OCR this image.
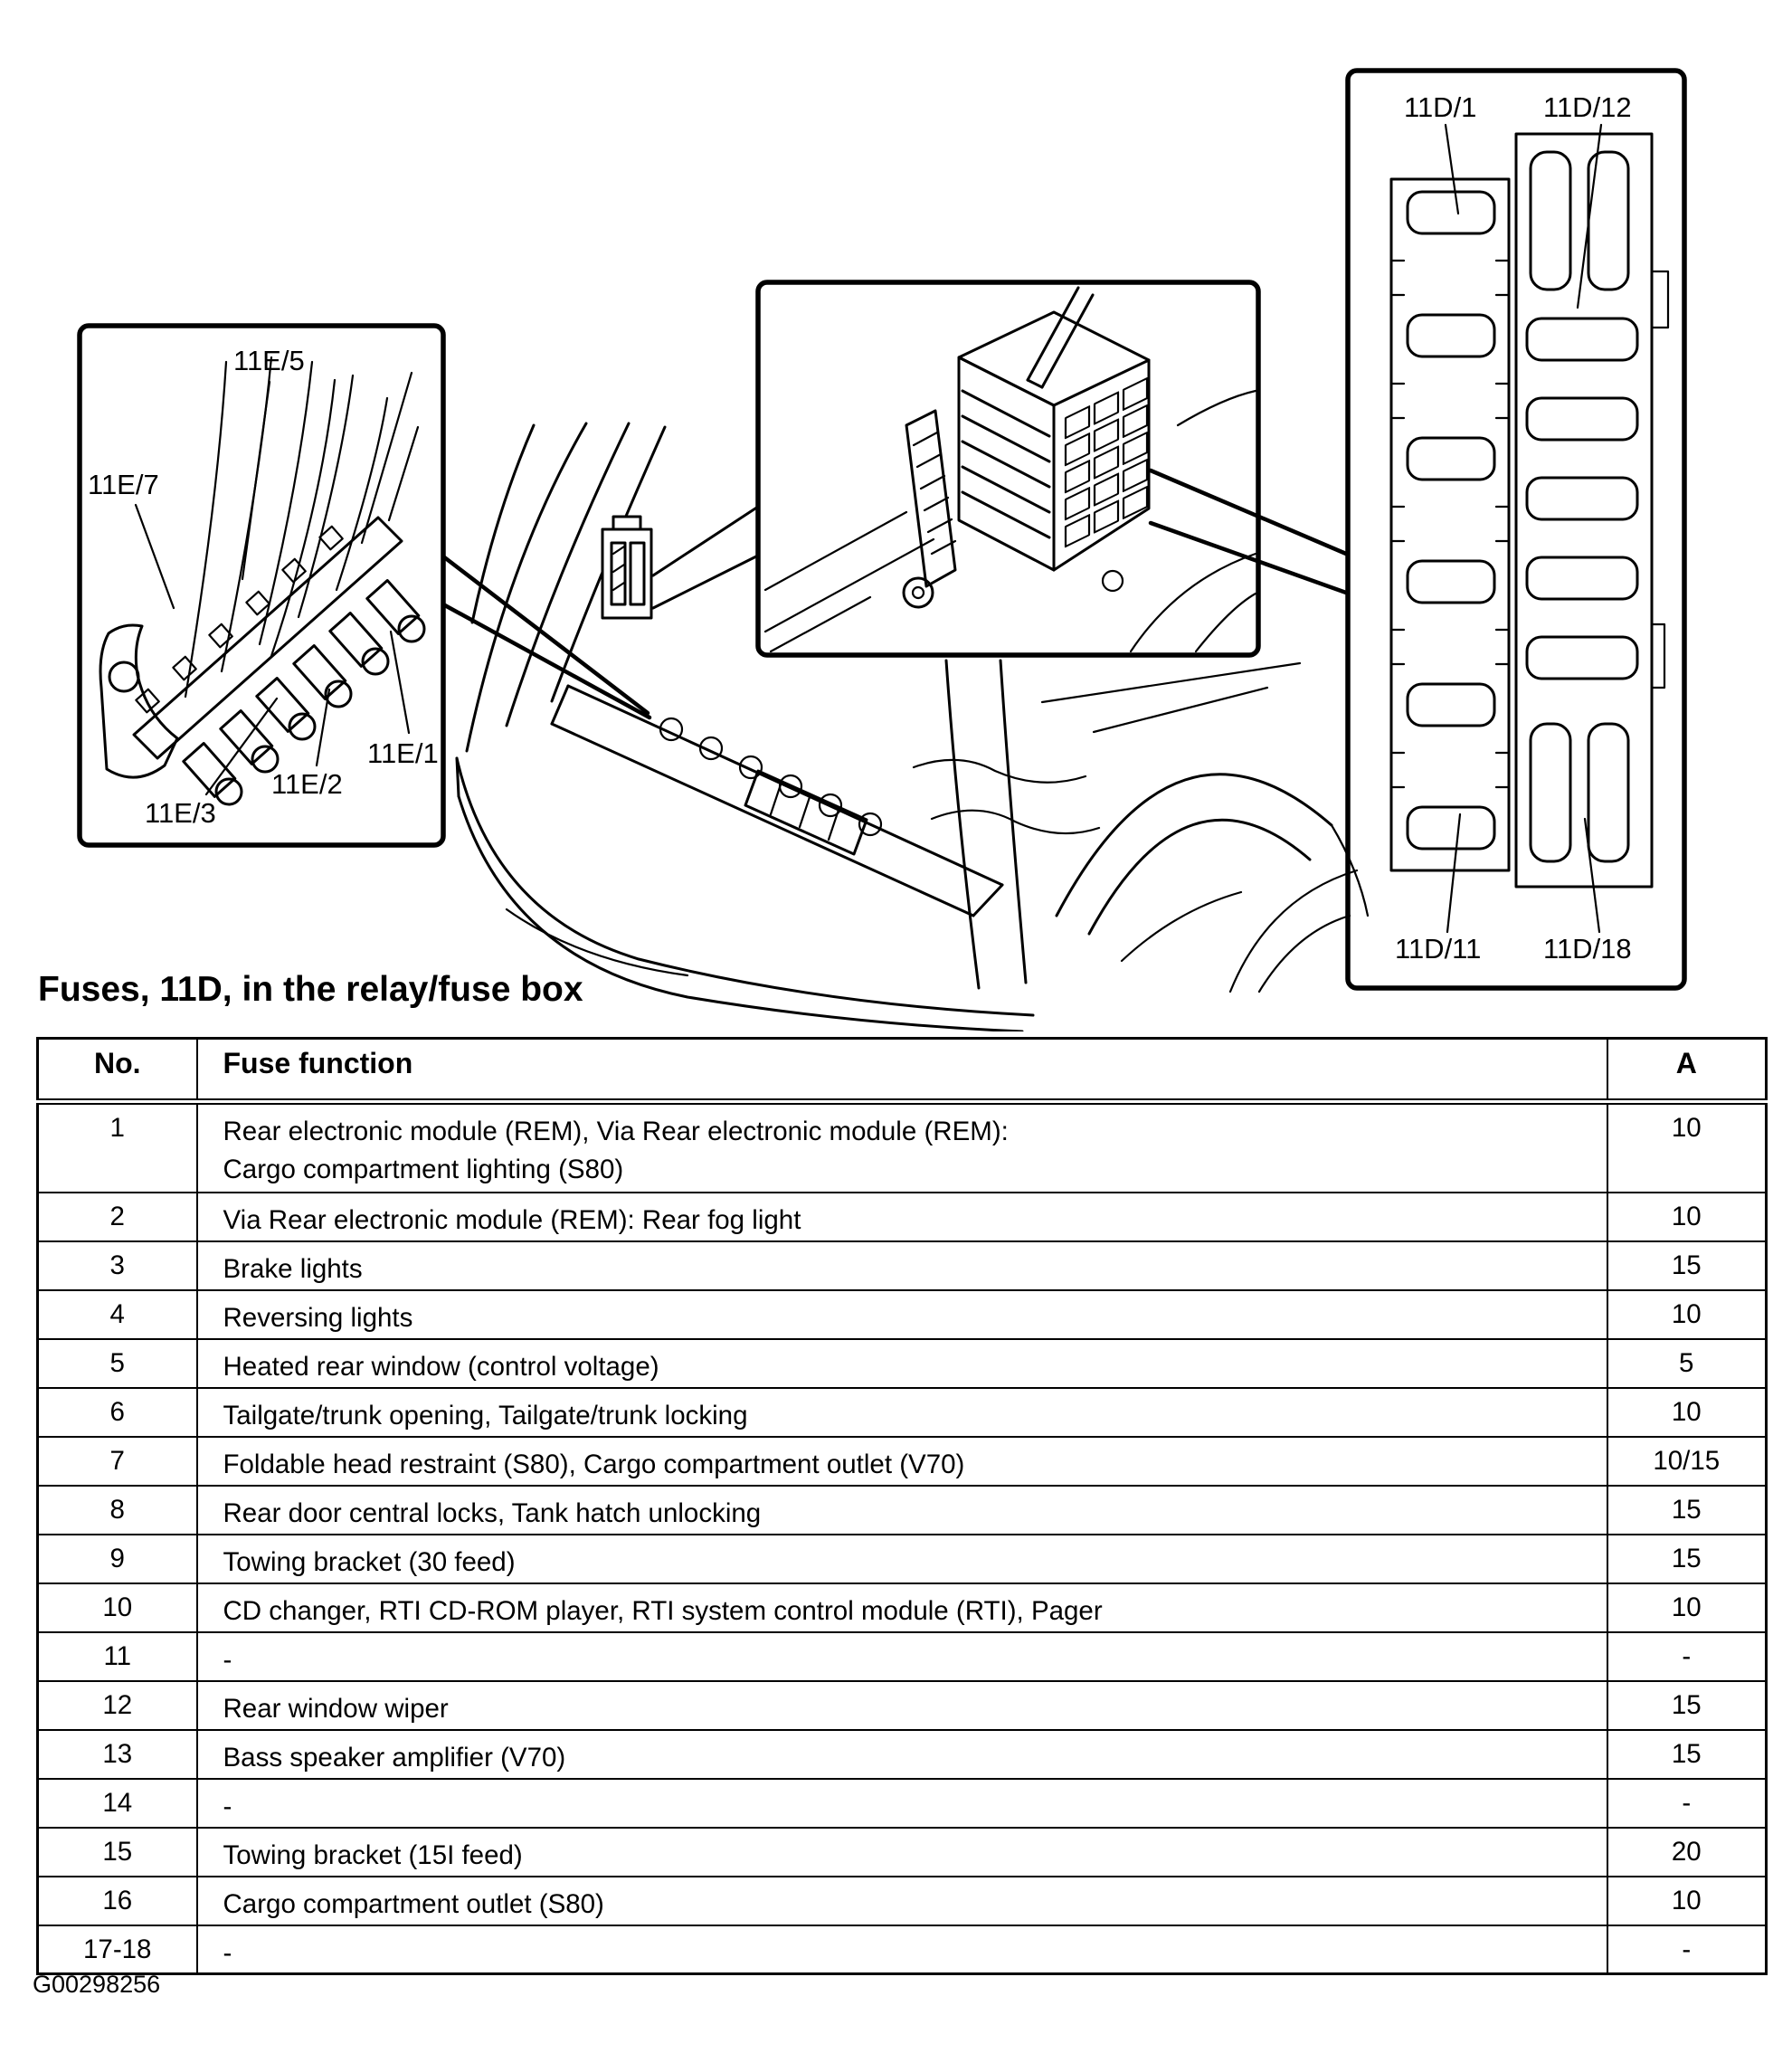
11E/7
11E/5
11E/3
11E/2
11E/1
11D/1 11D/12
11D/11 11D/18
Fuses, 11D, in the relay/fuse box
No.	Fuse function	A
1	Rear electronic module (REM), Via Rear electronic module (REM):
Cargo compartment lighting (S80)	10
2	Via Rear electronic module (REM): Rear fog light	10
3	Brake lights	15
4	Reversing lights	10
5	Heated rear window (control voltage)	5
6	Tailgate/trunk opening, Tailgate/trunk locking	10
7	Foldable head restraint (S80), Cargo compartment outlet (V70)	10/15
8	Rear door central locks, Tank hatch unlocking	15
9	Towing bracket (30 feed)	15
10	CD changer, RTI CD-ROM player, RTI system control module (RTI), Pager	10
11	-	-
12	Rear window wiper	15
13	Bass speaker amplifier (V70)	15
14	-	-
15	Towing bracket (15I feed)	20
16	Cargo compartment outlet (S80)	10
17-18	-	-
G00298256
